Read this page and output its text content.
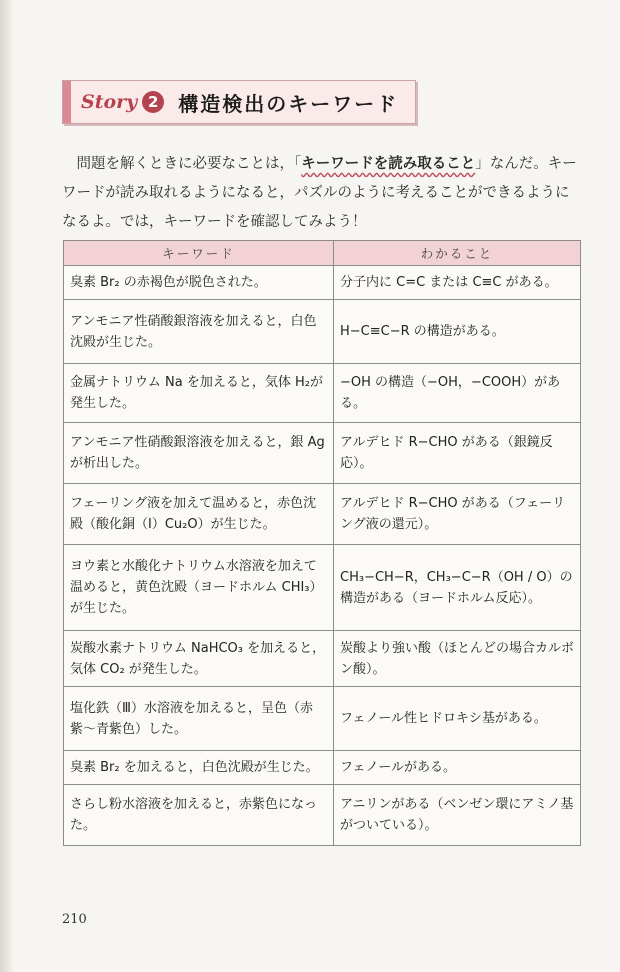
Story 2 構造検出のキーワード

問題を解くときに必要なことは，「キーワードを読み取ること」なんだ。キーワードが読み取れるようになると，パズルのように考えることができるようになるよ。では，キーワードを確認してみよう！

キーワード	わかること
臭素 Br₂ の赤褐色が脱色された。	分子内に C=C または C≡C がある。
アンモニア性硝酸銀溶液を加えると，白色沈殿が生じた。	H−C≡C−R の構造がある。
金属ナトリウム Na を加えると，気体 H₂が発生した。	−OH の構造（−OH，−COOH）がある。
アンモニア性硝酸銀溶液を加えると，銀 Ag が析出した。	アルデヒド R−CHO がある（銀鏡反応）。
フェーリング液を加えて温めると，赤色沈殿（酸化銅（Ⅰ）Cu₂O）が生じた。	アルデヒド R−CHO がある（フェーリング液の還元）。
ヨウ素と水酸化ナトリウム水溶液を加えて温めると，黄色沈殿（ヨードホルム CHI₃）が生じた。	CH₃−CH−R，CH₃−C−R（OH / O）の構造がある（ヨードホルム反応）。
炭酸水素ナトリウム NaHCO₃ を加えると，気体 CO₂ が発生した。	炭酸より強い酸（ほとんどの場合カルボン酸）。
塩化鉄（Ⅲ）水溶液を加えると，呈色（赤紫〜青紫色）した。	フェノール性ヒドロキシ基がある。
臭素 Br₂ を加えると，白色沈殿が生じた。	フェノールがある。
さらし粉水溶液を加えると，赤紫色になった。	アニリンがある（ベンゼン環にアミノ基がついている）。
210
